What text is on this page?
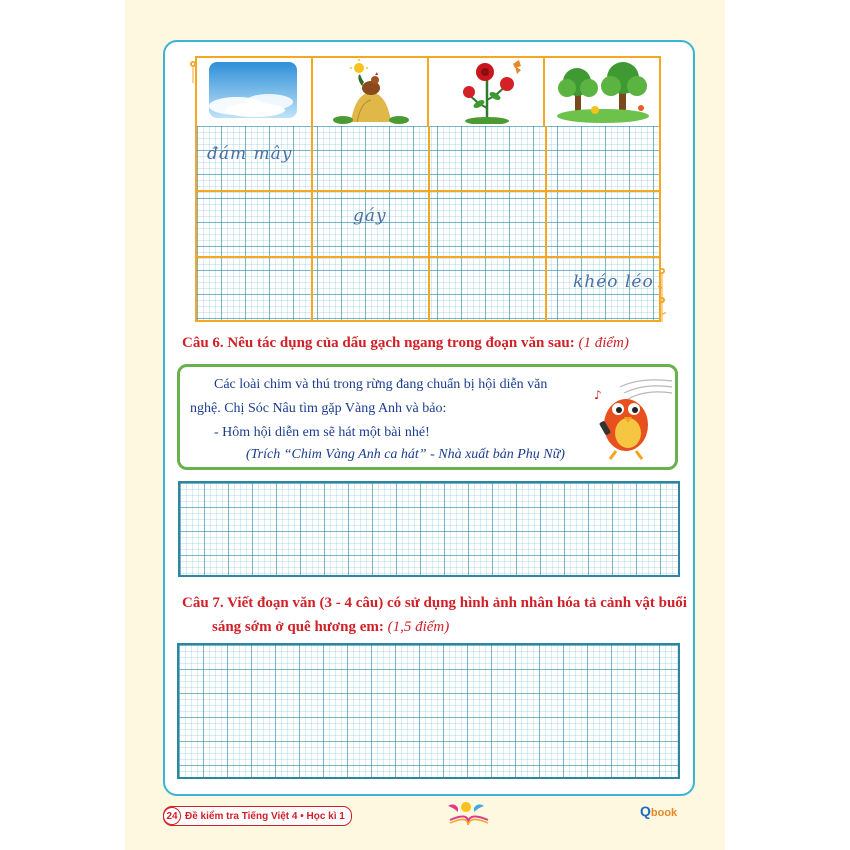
đám mây
gáy
khéo léo
Câu 6. Nêu tác dụng của dấu gạch ngang trong đoạn văn sau: (1 điểm)
Các loài chim và thú trong rừng đang chuẩn bị hội diễn văn
nghệ. Chị Sóc Nâu tìm gặp Vàng Anh và bảo:
- Hôm hội diễn em sẽ hát một bài nhé!
(Trích “Chim Vàng Anh ca hát” - Nhà xuất bản Phụ Nữ)
♪
Câu 7. Viết đoạn văn (3 - 4 câu) có sử dụng hình ảnh nhân hóa tả cảnh vật buổi
sáng sớm ở quê hương em: (1,5 điểm)
24 Đề kiểm tra Tiếng Việt 4 • Học kì 1	Qbook
